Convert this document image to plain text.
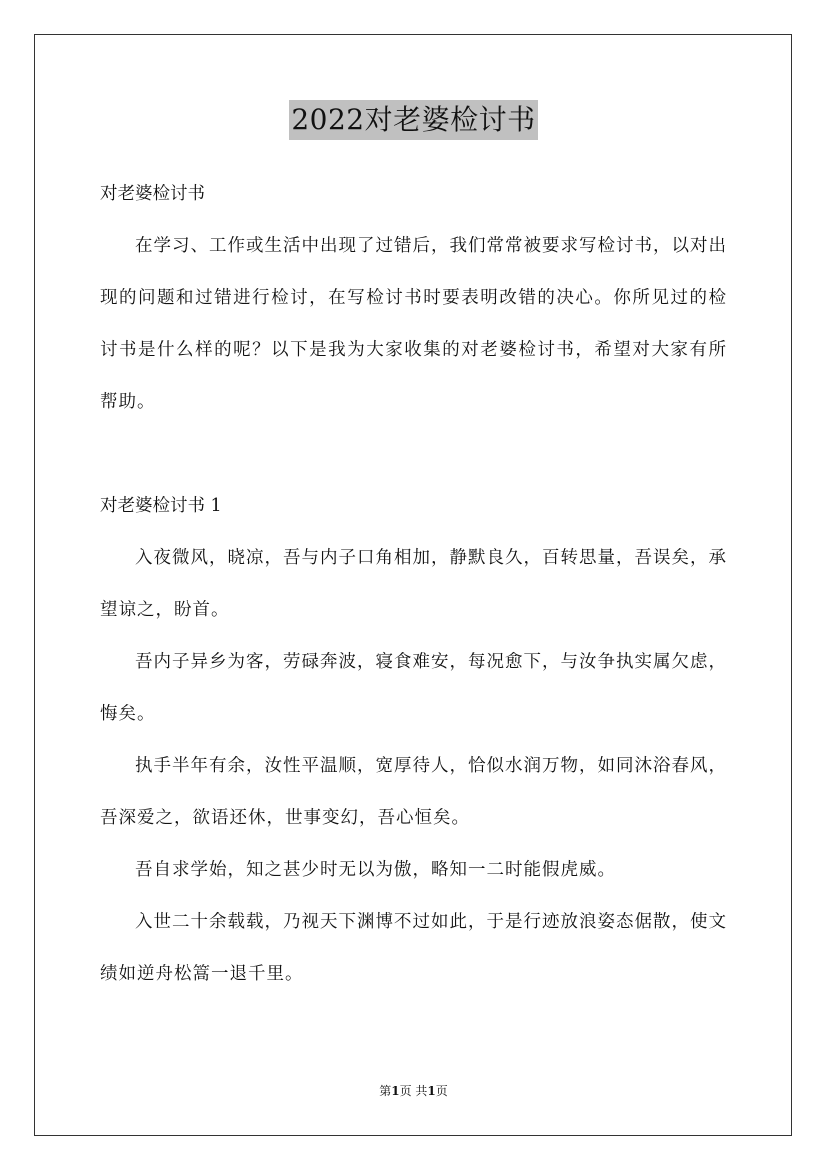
2022对老婆检讨书

对老婆检讨书

在学习、工作或生活中出现了过错后，我们常常被要求写检讨书，以对出现的问题和过错进行检讨，在写检讨书时要表明改错的决心。你所见过的检讨书是什么样的呢？以下是我为大家收集的对老婆检讨书，希望对大家有所帮助。

对老婆检讨书 1

入夜微风，晓凉，吾与内子口角相加，静默良久，百转思量，吾误矣，承望谅之，盼首。

吾内子异乡为客，劳碌奔波，寝食难安，每况愈下，与汝争执实属欠虑，悔矣。

执手半年有余，汝性平温顺，宽厚待人，恰似水润万物，如同沐浴春风，吾深爱之，欲语还休，世事变幻，吾心恒矣。

吾自求学始，知之甚少时无以为傲，略知一二时能假虎威。

入世二十余载载，乃视天下渊博不过如此，于是行迹放浪姿态倨散，使文绩如逆舟松篙一退千里。

第1页 共1页
